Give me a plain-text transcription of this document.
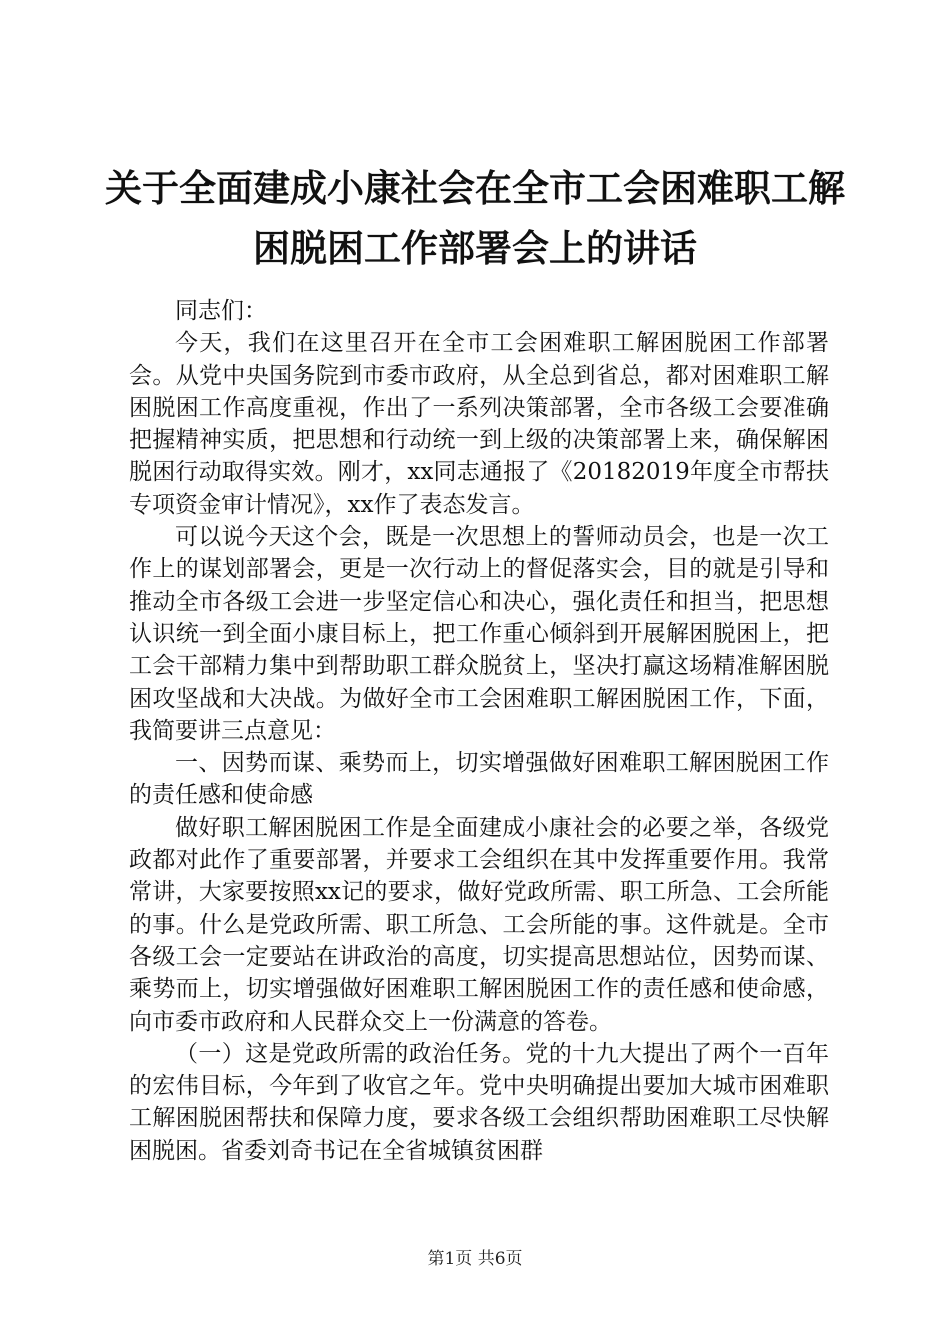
关于全面建成小康社会在全市工会困难职工解
困脱困工作部署会上的讲话

同志们：

今天，我们在这里召开在全市工会困难职工解困脱困工作部署会。从党中央国务院到市委市政府，从全总到省总，都对困难职工解困脱困工作高度重视，作出了一系列决策部署，全市各级工会要准确把握精神实质，把思想和行动统一到上级的决策部署上来，确保解困脱困行动取得实效。刚才，xx同志通报了《20182019年度全市帮扶专项资金审计情况》，xx作了表态发言。

可以说今天这个会，既是一次思想上的誓师动员会，也是一次工作上的谋划部署会，更是一次行动上的督促落实会，目的就是引导和推动全市各级工会进一步坚定信心和决心，强化责任和担当，把思想认识统一到全面小康目标上，把工作重心倾斜到开展解困脱困上，把工会干部精力集中到帮助职工群众脱贫上，坚决打赢这场精准解困脱困攻坚战和大决战。为做好全市工会困难职工解困脱困工作，下面，我简要讲三点意见：

一、因势而谋、乘势而上，切实增强做好困难职工解困脱困工作的责任感和使命感

做好职工解困脱困工作是全面建成小康社会的必要之举，各级党政都对此作了重要部署，并要求工会组织在其中发挥重要作用。我常常讲，大家要按照xx记的要求，做好党政所需、职工所急、工会所能的事。什么是党政所需、职工所急、工会所能的事。这件就是。全市各级工会一定要站在讲政治的高度，切实提高思想站位，因势而谋、乘势而上，切实增强做好困难职工解困脱困工作的责任感和使命感，向市委市政府和人民群众交上一份满意的答卷。

（一）这是党政所需的政治任务。党的十九大提出了两个一百年的宏伟目标，今年到了收官之年。党中央明确提出要加大城市困难职工解困脱困帮扶和保障力度，要求各级工会组织帮助困难职工尽快解困脱困。省委刘奇书记在全省城镇贫困群

第1页 共6页
